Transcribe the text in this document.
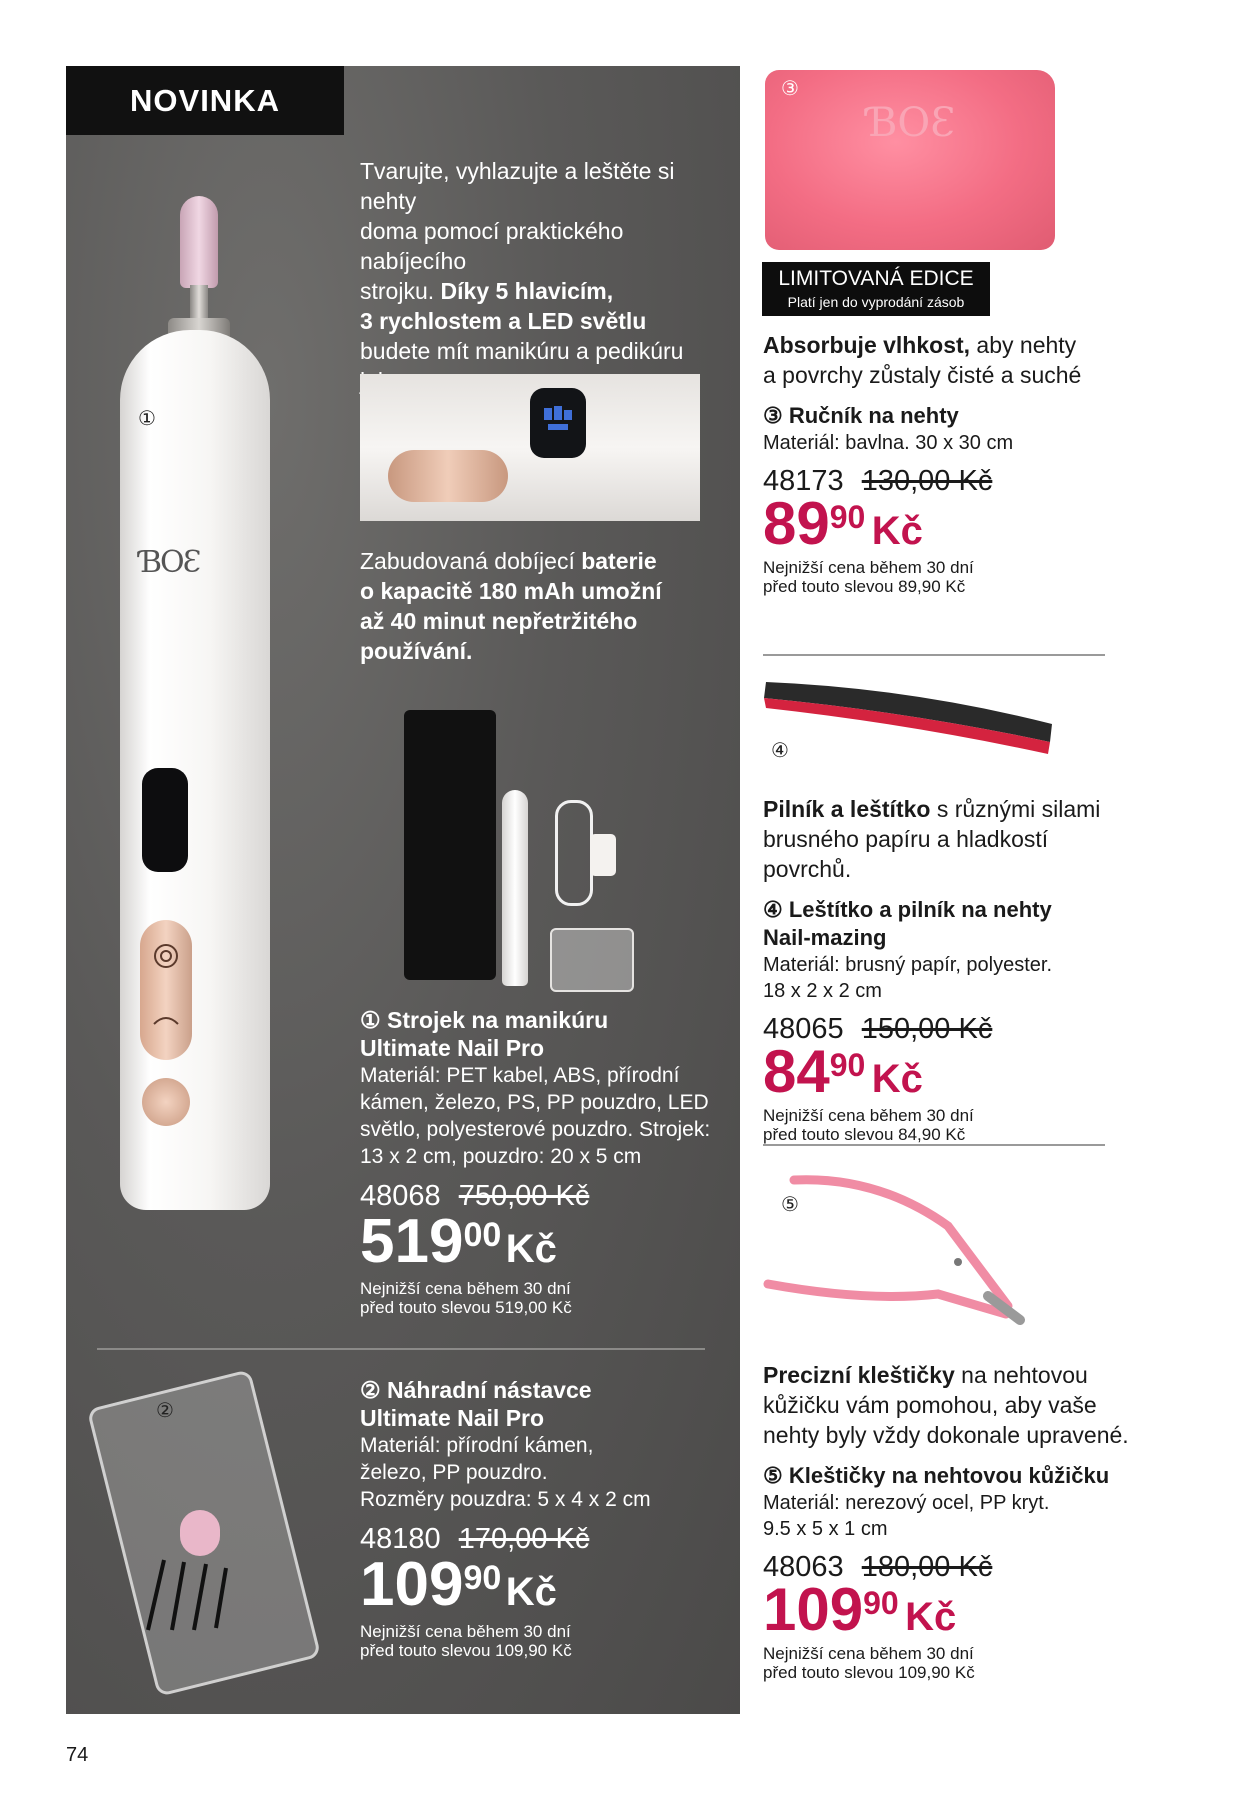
NOVINKA
ƁOƐ
①
Tvarujte, vyhlazujte a leštěte si nehty
doma pomocí praktického nabíjecího
strojku. Díky 5 hlavicím,
3 rychlostem a LED světlu
budete mít manikúru a pedikúru
Zabudovaná dobíjecí baterie
o kapacitě 180 mAh umožní
až 40 minut nepřetržitého
používání.
① Strojek na manikúru
Ultimate Nail Pro
Materiál: PET kabel, ABS, přírodní
kámen, železo, PS, PP pouzdro, LED
světlo, polyesterové pouzdro. Strojek:
13 x 2 cm, pouzdro: 20 x 5 cm
48068 750,00 Kč
51900 Kč
Nejnižší cena během 30 dní
před touto slevou 519,00 Kč
②
② Náhradní nástavce
Ultimate Nail Pro
Materiál: přírodní kámen,
železo, PP pouzdro.
Rozměry pouzdra: 5 x 4 x 2 cm
48180 170,00 Kč
10990 Kč
Nejnižší cena během 30 dní
před touto slevou 109,90 Kč
ƁOƐ
③
LIMITOVANÁ EDICE
Platí jen do vyprodání zásob
Absorbuje vlhkost, aby nehty
a povrchy zůstaly čisté a suché
③ Ručník na nehty
Materiál: bavlna. 30 x 30 cm
48173 130,00 Kč
8990 Kč
Nejnižší cena během 30 dní
před touto slevou 89,90 Kč
④
Pilník a leštítko s různými silami
brusného papíru a hladkostí povrchů.
④ Leštítko a pilník na nehty
Nail-mazing
Materiál: brusný papír, polyester.
18 x 2 x 2 cm
48065 150,00 Kč
8490 Kč
Nejnižší cena během 30 dní
před touto slevou 84,90 Kč
⑤
Precizní kleštičky na nehtovou
kůžičku vám pomohou, aby vaše
nehty byly vždy dokonale upravené.
⑤ Kleštičky na nehtovou kůžičku
Materiál: nerezový ocel, PP kryt.
9.5 x 5 x 1 cm
48063 180,00 Kč
10990 Kč
Nejnižší cena během 30 dní
před touto slevou 109,90 Kč
74
